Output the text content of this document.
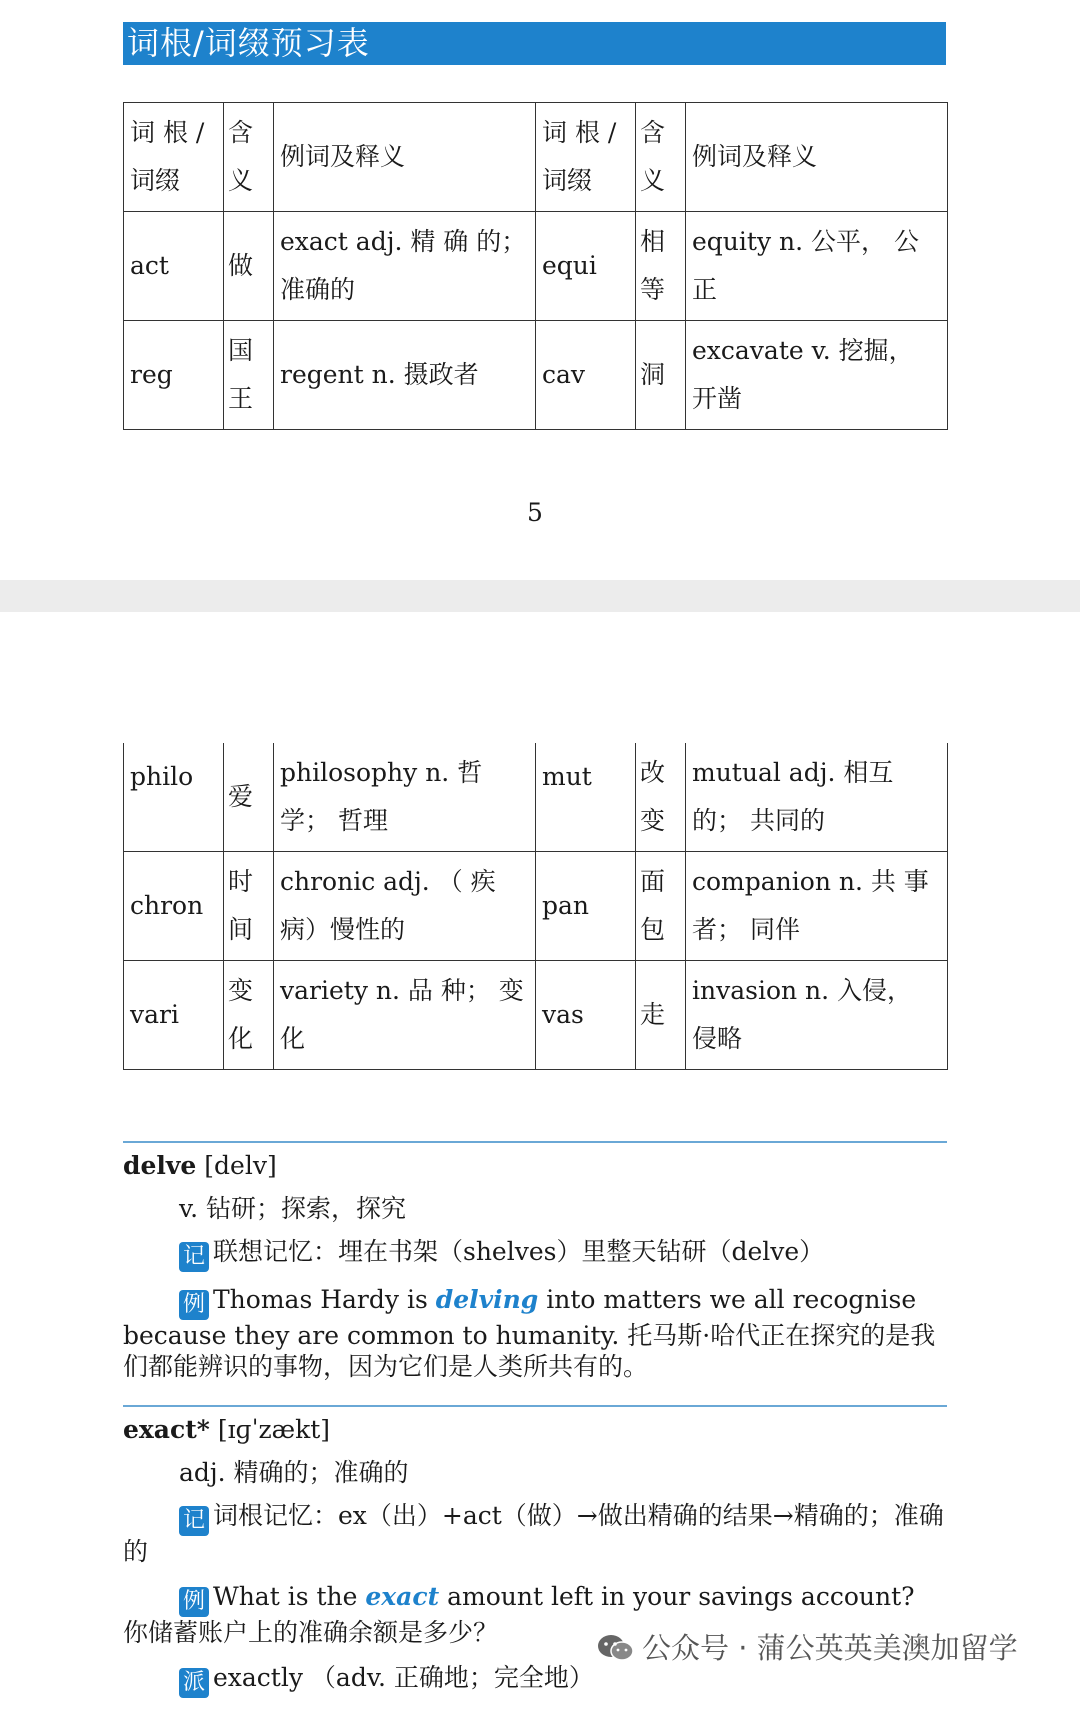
词根/词缀预习表
词 根 / 词缀	含 义	例词及释义	词 根 / 词缀	含 义	例词及释义
act	做	exact adj. 精 确 的； 准确的	equi	相 等	equity n. 公平， 公正
reg	国 王	regent n. 摄政者	cav	洞	excavate v. 挖掘， 开凿
5
philo	爱	philosophy n. 哲学； 哲理	mut	改 变	mutual adj. 相互的； 共同的
chron	时 间	chronic adj. （ 疾 病）慢性的	pan	面 包	companion n. 共 事 者； 同伴
vari	变 化	variety n. 品 种； 变 化	vas	走	invasion n. 入侵， 侵略
delve [delv]
v. 钻研；探索，探究
记 联想记忆：埋在书架（shelves）里整天钻研（delve）
例 Thomas Hardy is delving into matters we all recognise because they are common to humanity. 托马斯·哈代正在探究的是我们都能辨识的事物，因为它们是人类所共有的。
exact* [ɪɡˈzækt]
adj. 精确的；准确的
记 词根记忆：ex（出）+act（做）→做出精确的结果→精确的；准确的
例 What is the exact amount left in your savings account? 你储蓄账户上的准确余额是多少？
派 exactly （adv. 正确地；完全地）
公众号 · 蒲公英英美澳加留学
